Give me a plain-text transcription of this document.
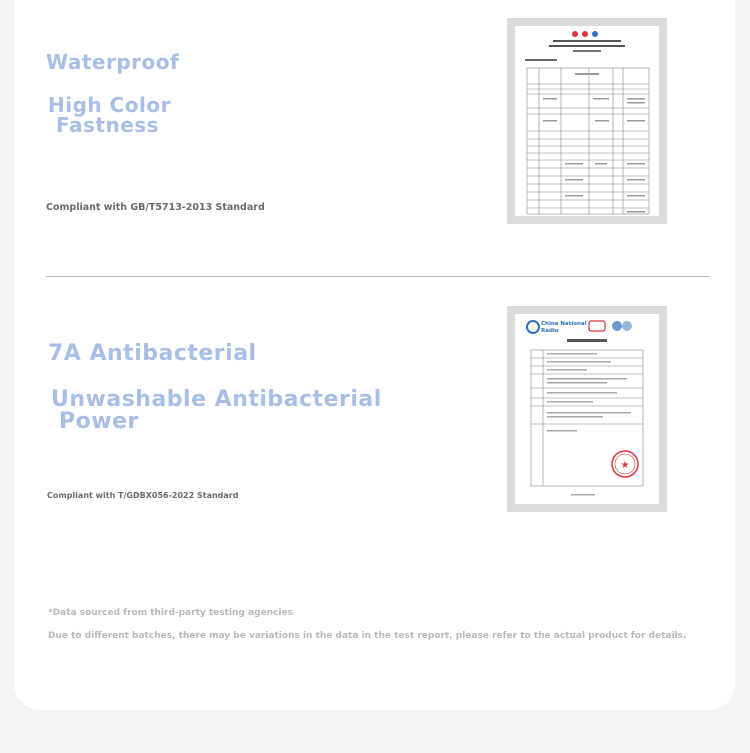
Waterproof
High Color
Fastness

Compliant with GB/T5713-2013 Standard

7A Antibacterial
Unwashable Antibacterial
Power

Compliant with T/GDBX056-2022 Standard

China National
Radio
★

*Data sourced from third-party testing agencies

Due to different batches, there may be variations in the data in the test report, please refer to the actual product for details.
